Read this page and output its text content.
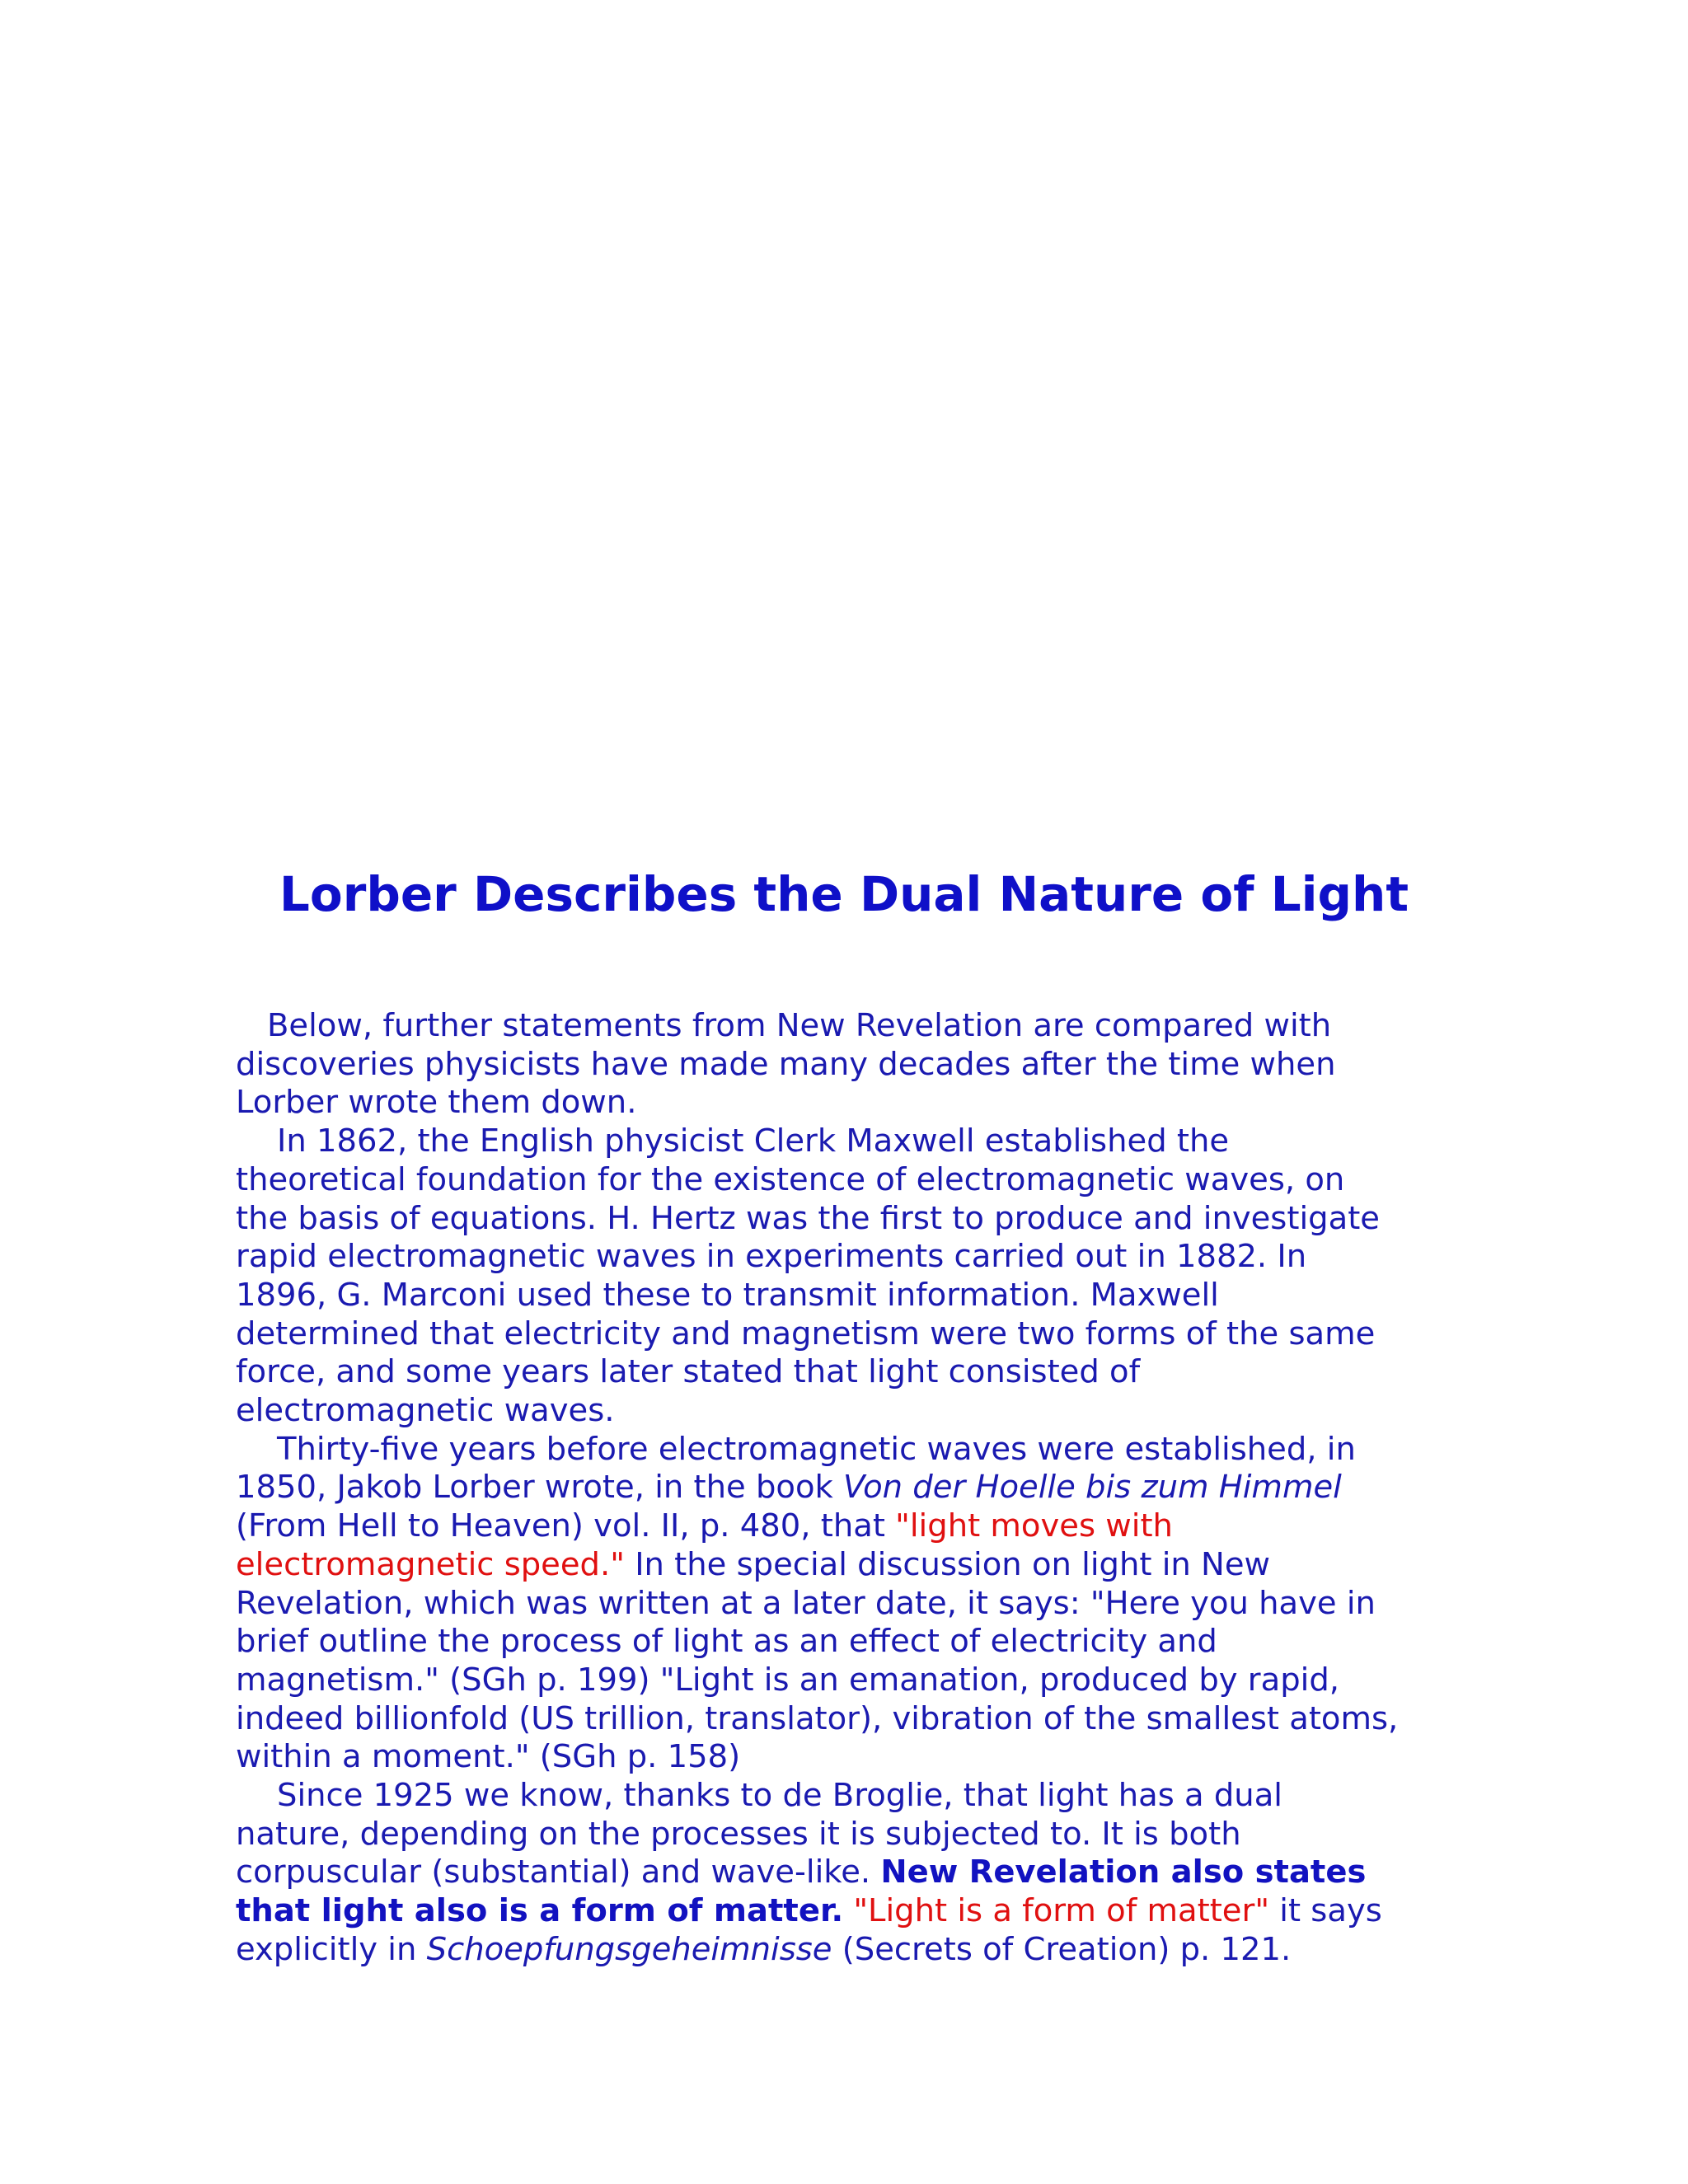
Lorber Describes the Dual Nature of Light

Below, further statements from New Revelation are compared with
discoveries physicists have made many decades after the time when
Lorber wrote them down.

In 1862, the English physicist Clerk Maxwell established the
theoretical foundation for the existence of electromagnetic waves, on
the basis of equations. H. Hertz was the first to produce and investigate
rapid electromagnetic waves in experiments carried out in 1882. In
1896, G. Marconi used these to transmit information. Maxwell
determined that electricity and magnetism were two forms of the same
force, and some years later stated that light consisted of
electromagnetic waves.

Thirty-five years before electromagnetic waves were established, in
1850, Jakob Lorber wrote, in the book Von der Hoelle bis zum Himmel
(From Hell to Heaven) vol. II, p. 480, that "light moves with
electromagnetic speed." In the special discussion on light in New
Revelation, which was written at a later date, it says: "Here you have in
brief outline the process of light as an effect of electricity and
magnetism." (SGh p. 199) "Light is an emanation, produced by rapid,
indeed billionfold (US trillion, translator), vibration of the smallest atoms,
within a moment." (SGh p. 158)

Since 1925 we know, thanks to de Broglie, that light has a dual
nature, depending on the processes it is subjected to. It is both
corpuscular (substantial) and wave-like. New Revelation also states
that light also is a form of matter. "Light is a form of matter" it says
explicitly in Schoepfungsgeheimnisse (Secrets of Creation) p. 121.
